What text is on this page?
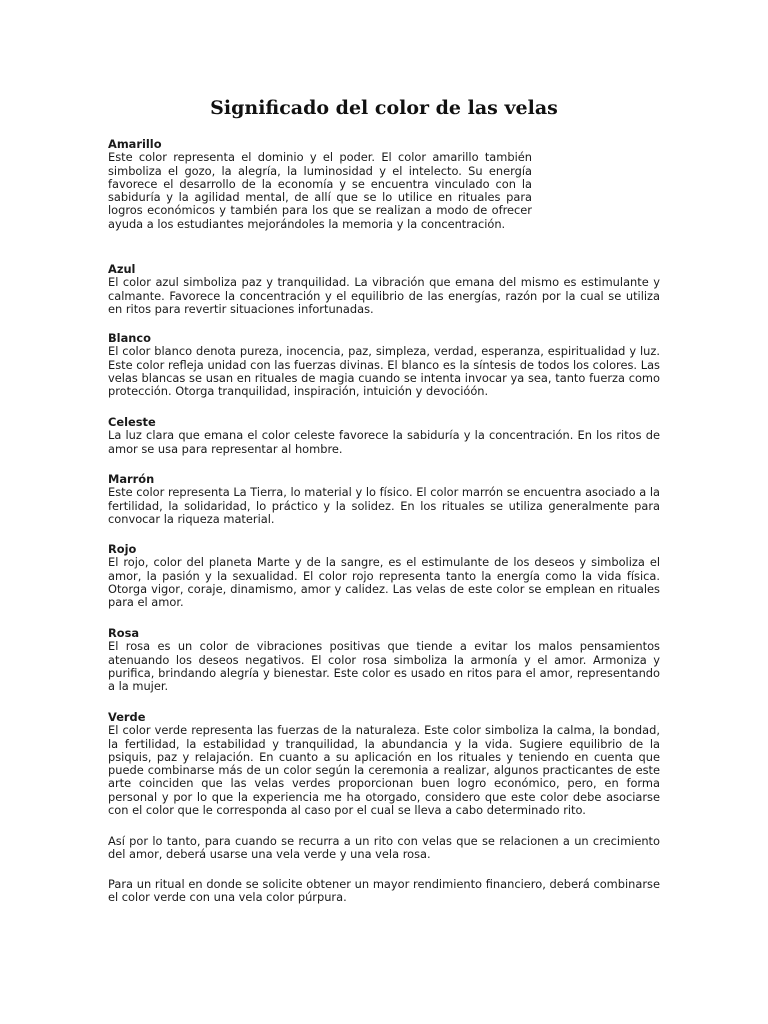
Significado del color de las velas
Amarillo
Este color representa el dominio y el poder. El color amarillo también simboliza el gozo, la alegría, la luminosidad y el intelecto. Su energía favorece el desarrollo de la economía y se encuentra vinculado con la sabiduría y la agilidad mental, de allí que se lo utilice en rituales para logros económicos y también para los que se realizan a modo de ofrecer ayuda a los estudiantes mejorándoles la memoria y la concentración.
Azul
El color azul simboliza paz y tranquilidad. La vibración que emana del mismo es estimulante y calmante. Favorece la concentración y el equilibrio de las energías, razón por la cual se utiliza en ritos para revertir situaciones infortunadas.
Blanco
El color blanco denota pureza, inocencia, paz, simpleza, verdad, esperanza, espiritualidad y luz. Este color refleja unidad con las fuerzas divinas. El blanco es la síntesis de todos los colores. Las velas blancas se usan en rituales de magia cuando se intenta invocar ya sea, tanto fuerza como protección. Otorga tranquilidad, inspiración, intuición y devocióón.
Celeste
La luz clara que emana el color celeste favorece la sabiduría y la concentración. En los ritos de amor se usa para representar al hombre.
Marrón
Este color representa La Tierra, lo material y lo físico. El color marrón se encuentra asociado a la fertilidad, la solidaridad, lo práctico y la solidez. En los rituales se utiliza generalmente para convocar la riqueza material.
Rojo
El rojo, color del planeta Marte y de la sangre, es el estimulante de los deseos y simboliza el amor, la pasión y la sexualidad. El color rojo representa tanto la energía como la vida física. Otorga vigor, coraje, dinamismo, amor y calidez. Las velas de este color se emplean en rituales para el amor.
Rosa
El rosa es un color de vibraciones positivas que tiende a evitar los malos pensamientos atenuando los deseos negativos. El color rosa simboliza la armonía y el amor. Armoniza y purifica, brindando alegría y bienestar. Este color es usado en ritos para el amor, representando a la mujer.
Verde
El color verde representa las fuerzas de la naturaleza. Este color simboliza la calma, la bondad, la fertilidad, la estabilidad y tranquilidad, la abundancia y la vida. Sugiere equilibrio de la psiquis, paz y relajación. En cuanto a su aplicación en los rituales y teniendo en cuenta que puede combinarse más de un color según la ceremonia a realizar, algunos practicantes de este arte coinciden que las velas verdes proporcionan buen logro económico, pero, en forma personal y por lo que la experiencia me ha otorgado, considero que este color debe asociarse con el color que le corresponda al caso por el cual se lleva a cabo determinado rito.
Así por lo tanto, para cuando se recurra a un rito con velas que se relacionen a un crecimiento del amor, deberá usarse una vela verde y una vela rosa.
Para un ritual en donde se solicite obtener un mayor rendimiento financiero, deberá combinarse el color verde con una vela color púrpura.
